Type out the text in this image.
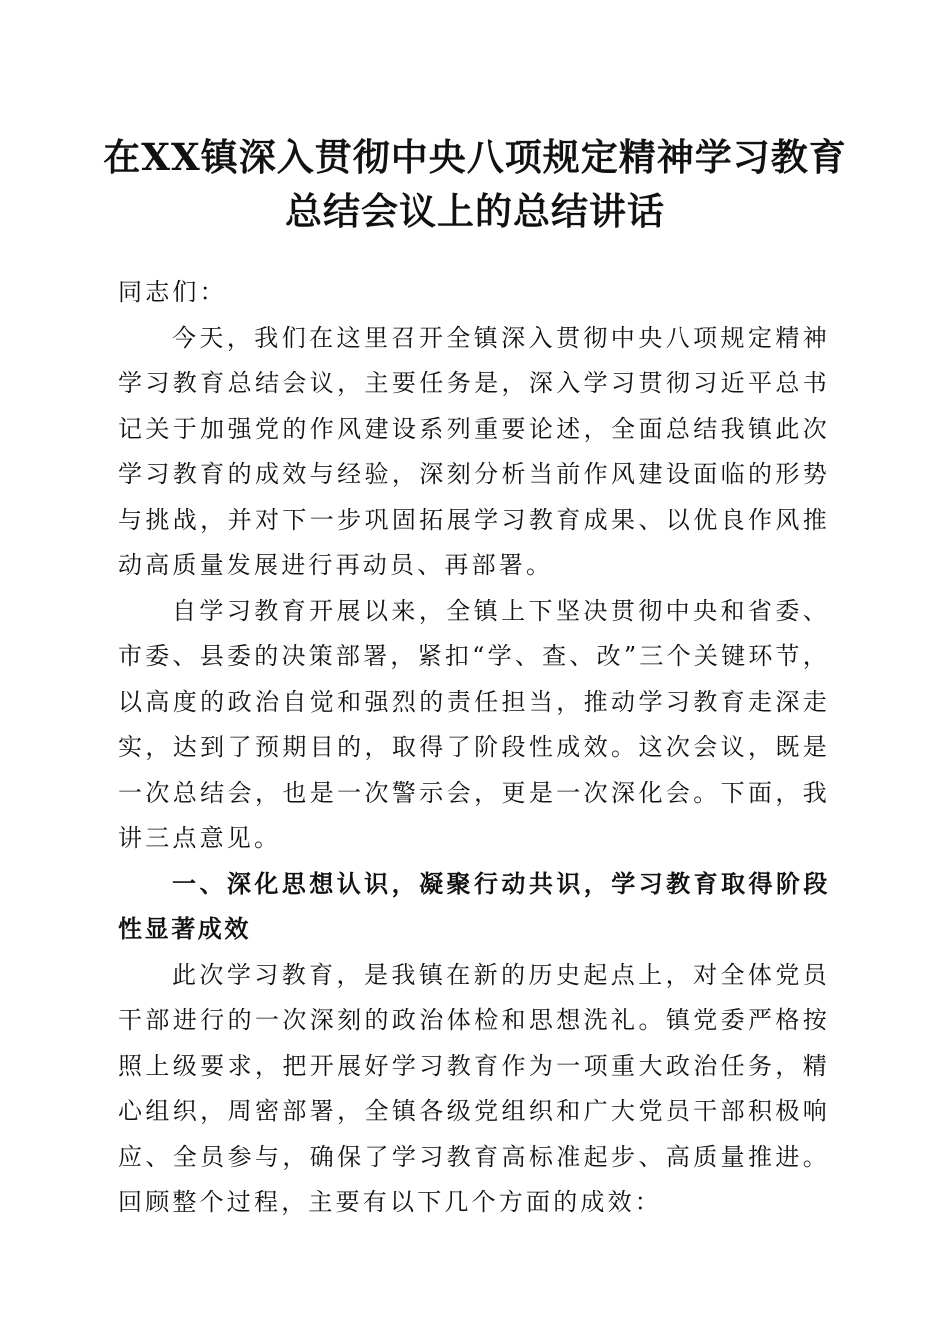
在XX镇深入贯彻中央八项规定精神学习教育
总结会议上的总结讲话

同志们：

今天，我们在这里召开全镇深入贯彻中央八项规定精神学习教育总结会议，主要任务是，深入学习贯彻习近平总书记关于加强党的作风建设系列重要论述，全面总结我镇此次学习教育的成效与经验，深刻分析当前作风建设面临的形势与挑战，并对下一步巩固拓展学习教育成果、以优良作风推动高质量发展进行再动员、再部署。

自学习教育开展以来，全镇上下坚决贯彻中央和省委、市委、县委的决策部署，紧扣“学、查、改”三个关键环节，以高度的政治自觉和强烈的责任担当，推动学习教育走深走实，达到了预期目的，取得了阶段性成效。这次会议，既是一次总结会，也是一次警示会，更是一次深化会。下面，我讲三点意见。

一、深化思想认识，凝聚行动共识，学习教育取得阶段性显著成效

此次学习教育，是我镇在新的历史起点上，对全体党员干部进行的一次深刻的政治体检和思想洗礼。镇党委严格按照上级要求，把开展好学习教育作为一项重大政治任务，精心组织，周密部署，全镇各级党组织和广大党员干部积极响应、全员参与，确保了学习教育高标准起步、高质量推进。回顾整个过程，主要有以下几个方面的成效：
